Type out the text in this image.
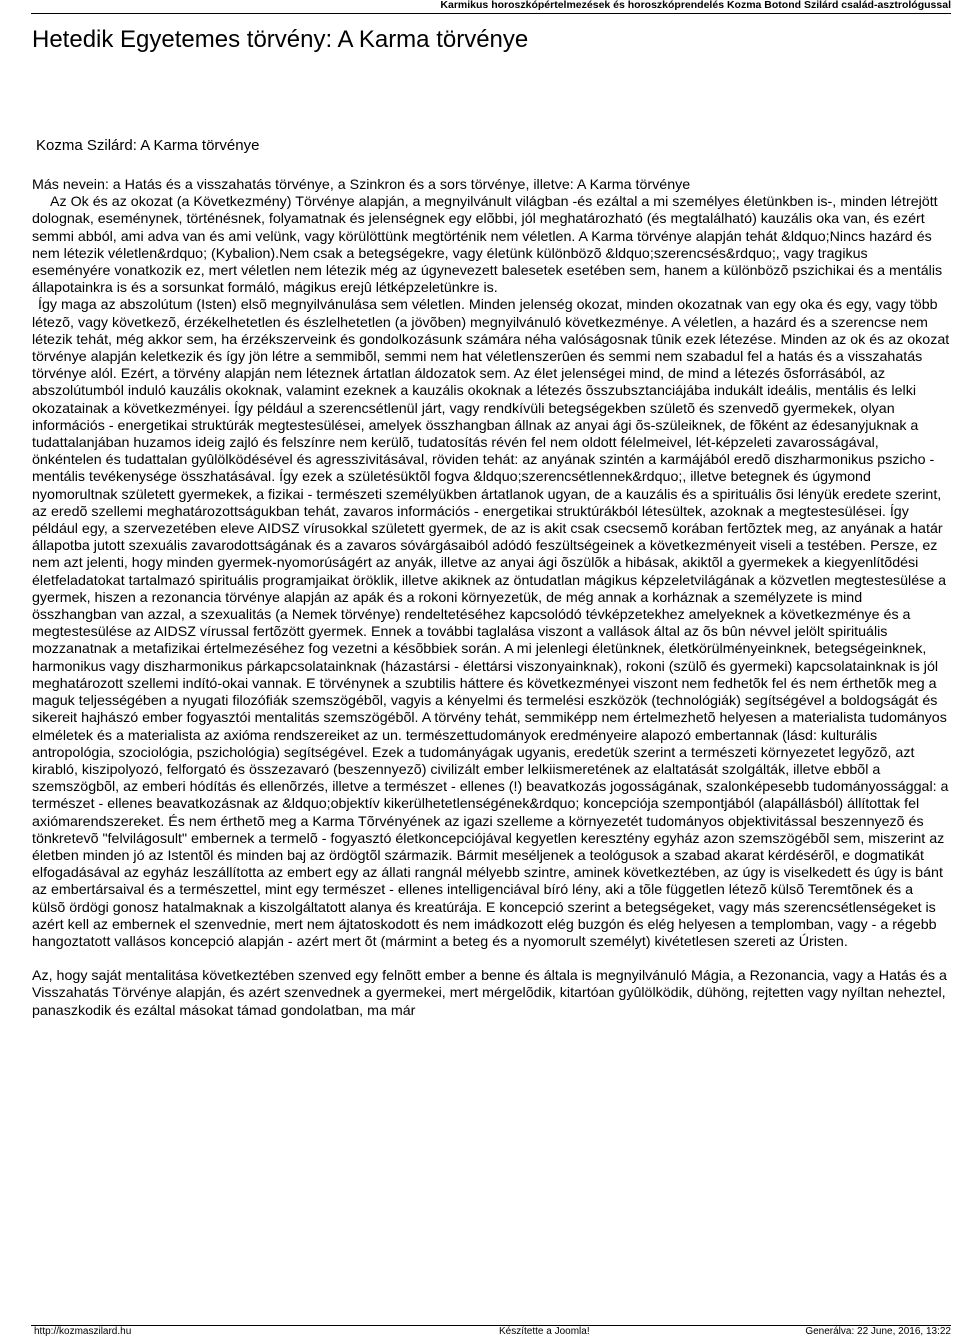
Karmikus horoszkópértelmezések és horoszkóprendelés Kozma Botond Szilárd család-asztrológussal
Hetedik Egyetemes törvény: A Karma törvénye
Kozma Szilárd: A Karma törvénye

Más nevein: a Hatás és a visszahatás törvénye, a Szinkron és a sors törvénye, illetve: A Karma törvénye

Az Ok és az okozat (a Következmény) Törvénye alapján, a megnyilvánult világban -és ezáltal a mi személyes életünkben is-, minden létrejött dolognak, eseménynek, történésnek, folyamatnak és jelenségnek egy elõbbi, jól meghatározható (és megtalálható) kauzális oka van, és ezért semmi abból, ami adva van és ami velünk, vagy körülöttünk megtörténik nem véletlen. A Karma törvénye alapján tehát &ldquo;Nincs hazárd és nem létezik véletlen&rdquo; (Kybalion).Nem csak a betegségekre, vagy életünk különbözõ &ldquo;szerencsés&rdquo;, vagy tragikus eseményére vonatkozik ez, mert véletlen nem létezik még az úgynevezett balesetek esetében sem, hanem a különbözõ pszichikai és a mentális állapotainkra is és a sorsunkat formáló, mágikus erejû létképzeletünkre is.

Így maga az abszolútum (Isten) elsõ megnyilvánulása sem véletlen. Minden jelenség okozat, minden okozatnak van egy oka és egy, vagy több létezõ, vagy következõ, érzékelhetetlen és észlelhetetlen (a jövõben) megnyilvánuló következménye. A véletlen, a hazárd és a szerencse nem létezik tehát, még akkor sem, ha érzékszerveink és gondolkozásunk számára néha valóságosnak tûnik ezek létezése. Minden az ok és az okozat törvénye alapján keletkezik és így jön létre a semmibõl, semmi nem hat véletlenszerûen és semmi nem szabadul fel a hatás és a visszahatás törvénye alól. Ezért, a törvény alapján nem léteznek ártatlan áldozatok sem. Az élet jelenségei mind, de mind a létezés õsforrásából, az abszolútumból induló kauzális okoknak, valamint ezeknek a kauzális okoknak a létezés õsszubsztanciájába indukált ideális, mentális és lelki okozatainak a következményei. Így például a szerencsétlenül járt, vagy rendkívüli betegségekben születõ és szenvedõ gyermekek, olyan információs - energetikai struktúrák megtestesülései, amelyek összhangban állnak az anyai ági õs-szüleiknek, de fõként az édesanyjuknak a tudattalanjában huzamos ideig zajló és felszínre nem kerülõ, tudatosítás révén fel nem oldott félelmeivel, lét-képzeleti zavarosságával, önkéntelen és tudattalan gyûlölködésével és agresszivitásával, röviden tehát: az anyának szintén a karmájából eredõ diszharmonikus pszicho - mentális tevékenysége összhatásával. Így ezek a születésüktõl fogva &ldquo;szerencsétlennek&rdquo;, illetve betegnek és úgymond nyomorultnak született gyermekek, a fizikai - természeti személyükben ártatlanok ugyan, de a kauzális és a spirituális õsi lényük eredete szerint, az eredõ szellemi meghatározottságukban tehát, zavaros információs - energetikai struktúrákból létesültek, azoknak a megtestesülései. Így például egy, a szervezetében eleve AIDSZ vírusokkal született gyermek, de az is akit csak csecsemõ korában fertõztek meg, az anyának a határ állapotba jutott szexuális zavarodottságának és a zavaros sóvárgásaiból adódó feszültségeinek a következményeit viseli a testében. Persze, ez nem azt jelenti, hogy minden gyermek-nyomorúságért az anyák, illetve az anyai ági õszülõk a hibásak, akiktõl a gyermekek a kiegyenlítõdési életfeladatokat tartalmazó spirituális programjaikat öröklik, illetve akiknek az öntudatlan mágikus képzeletvilágának a közvetlen megtestesülése a gyermek, hiszen a rezonancia törvénye alapján az apák és a rokoni környezetük, de még annak a korháznak a személyzete is mind összhangban van azzal, a szexualitás (a Nemek törvénye) rendeltetéséhez kapcsolódó tévképzetekhez amelyeknek a következménye és a megtestesülése az AIDSZ vírussal fertõzött gyermek. Ennek a további taglalása viszont a vallások által az õs bûn névvel jelölt spirituális mozzanatnak a metafizikai értelmezéséhez fog vezetni a késõbbiek során. A mi jelenlegi életünknek, életkörülményeinknek, betegségeinknek, harmonikus vagy diszharmonikus párkapcsolatainknak (házastársi - élettársi viszonyainknak), rokoni (szülõ és gyermeki) kapcsolatainknak is jól meghatározott szellemi indító-okai vannak. E törvénynek a szubtilis háttere és következményei viszont nem fedhetõk fel és nem érthetõk meg a maguk teljességében a nyugati filozófiák szemszögébõl, vagyis a kényelmi és termelési eszközök (technológiák) segítségével a boldogságát és sikereit hajhászó ember fogyasztói mentalitás szemszögébõl. A törvény tehát, semmiképp nem értelmezhetõ helyesen a materialista tudományos elméletek és a materialista az axióma rendszereiket az un. természettudományok eredményeire alapozó embertannak (lásd: kulturális antropológia, szociológia, pszichológia) segítségével. Ezek a tudományágak ugyanis, eredetük szerint a természeti környezetet legyõzõ, azt kirabló, kiszipolyozó, felforgató és összezavaró (beszennyezõ) civilizált ember lelkiismeretének az elaltatását szolgálták, illetve ebbõl a szemszögbõl, az emberi hódítás és ellenõrzés, illetve a természet - ellenes (!) beavatkozás jogosságának, szalonképesebb tudományossággal: a természet - ellenes beavatkozásnak az &ldquo;objektív kikerülhetetlenségének&rdquo; koncepciója szempontjából (alapállásból) állítottak fel axiómarendszereket. És nem érthetõ meg a Karma Tõrvényének az igazi szelleme a környezetét tudományos objektivitással beszennyezõ és tönkretevõ "felvilágosult" embernek a termelõ - fogyasztó életkoncepciójával kegyetlen keresztény egyház azon szemszögébõl sem, miszerint az életben minden jó az Istentõl és minden baj az ördögtõl származik. Bármit meséljenek a teológusok a szabad akarat kérdésérõl, e dogmatikát elfogadásával az egyház leszállította az embert egy az állati rangnál mélyebb szintre, aminek következtében, az úgy is viselkedett és úgy is bánt az embertársaival és a természettel, mint egy természet - ellenes intelligenciával bíró lény, aki a tõle független létezõ külsõ Teremtõnek és a külsõ ördögi gonosz hatalmaknak a kiszolgáltatott alanya és kreatúrája. E koncepció szerint a betegségeket, vagy más szerencsétlenségeket is azért kell az embernek el szenvednie, mert nem ájtatoskodott és nem imádkozott elég buzgón és elég helyesen a templomban, vagy - a régebb hangoztatott vallásos koncepció alapján - azért mert õt (mármint a beteg és a nyomorult személyt) kivétetlesen szereti az Úristen.

Az, hogy saját mentalitása következtében szenved egy felnõtt ember a benne és általa is megnyilvánuló Mágia, a Rezonancia, vagy a Hatás és a Visszahatás Törvénye alapján, és azért szenvednek a gyermekei, mert mérgelõdik, kitartóan gyûlölködik, dühöng, rejtetten vagy nyíltan neheztel, panaszkodik és ezáltal másokat támad gondolatban, ma már

http://kozmaszilard.hu	Készítette a Joomla!	Generálva: 22 June, 2016, 13:22
